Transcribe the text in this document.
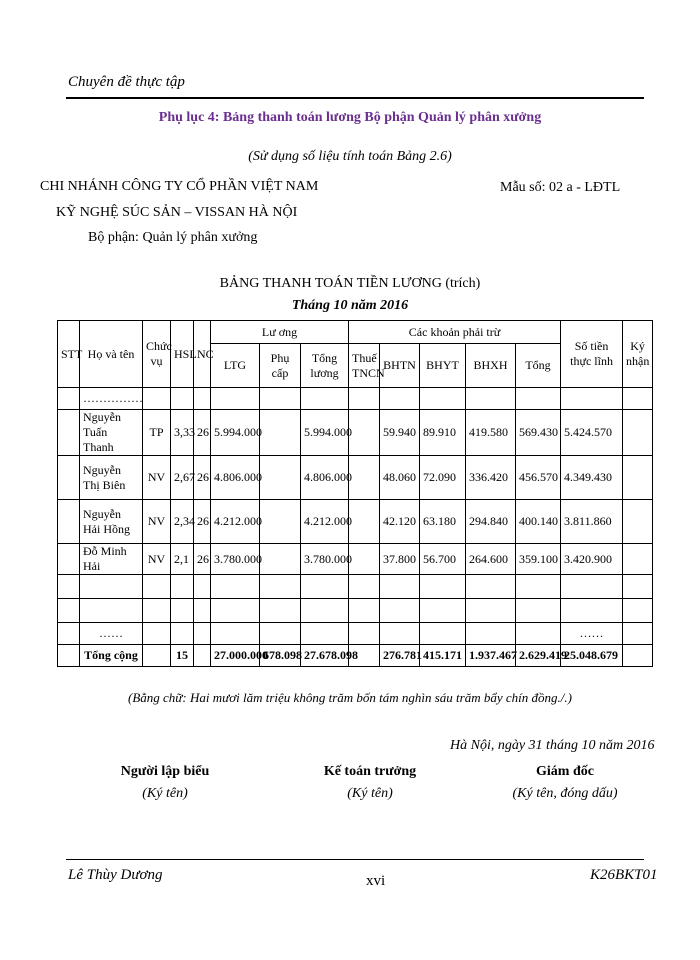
Chuyên đề thực tập
Phụ lục 4: Bảng thanh toán lương Bộ phận Quản lý phân xưởng
(Sử dụng số liệu tính toán Bảng 2.6)
CHI NHÁNH CÔNG TY CỔ PHẦN VIỆT NAM
KỸ NGHỆ SÚC SẢN – VISSAN HÀ NỘI
Bộ phận: Quản lý phân xưởng
Mẫu số: 02 a - LĐTL
BẢNG THANH TOÁN TIỀN LƯƠNG (trích)
Tháng 10 năm 2016
STT	Họ và tên	Chức vụ	HSL	NC	Lư ơng			Các khoản phải trừ					Số tiền thực lĩnh	Ký nhận
					LTG	Phụ cấp	Tổng lương	Thuế TNCN	BHTN	BHYT	BHXH	Tổng		
	……………													
	Nguyễn Tuấn Thanh	TP	3,33	26	5.994.000		5.994.000		59.940	89.910	419.580	569.430	5.424.570	
	Nguyễn Thị Biên	NV	2,67	26	4.806.000		4.806.000		48.060	72.090	336.420	456.570	4.349.430	
	Nguyễn Hải Hồng	NV	2,34	26	4.212.000		4.212.000		42.120	63.180	294.840	400.140	3.811.860	
	Đỗ Minh Hải	NV	2,1	26	3.780.000		3.780.000		37.800	56.700	264.600	359.100	3.420.900	

	……												……	
	Tổng cộng		15		27.000.000	678.098	27.678.098		276.781	415.171	1.937.467	2.629.419	25.048.679	
(Bằng chữ: Hai mươi lăm triệu không trăm bốn tám nghìn sáu trăm bẩy chín đồng./.)
Hà Nội, ngày 31 tháng 10 năm 2016
Người lập biểu
(Ký tên)
Kế toán trưởng
(Ký tên)
Giám đốc
(Ký tên, đóng dấu)
Lê Thùy Dương	xvi	K26BKT01
